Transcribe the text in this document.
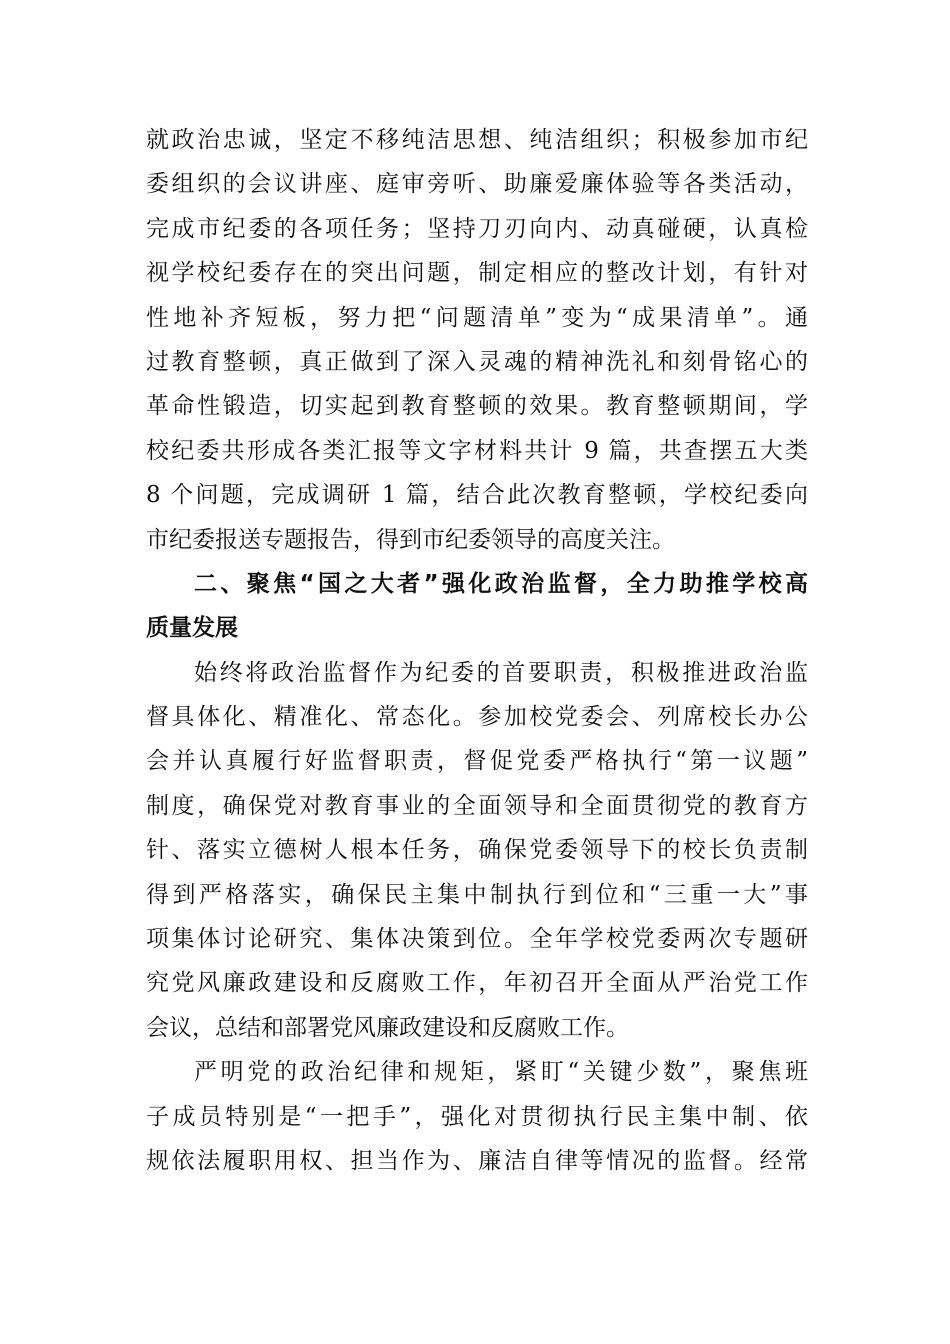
就政治忠诚，坚定不移纯洁思想、纯洁组织；积极参加市纪
委组织的会议讲座、庭审旁听、助廉爱廉体验等各类活动，
完成市纪委的各项任务；坚持刀刃向内、动真碰硬，认真检
视学校纪委存在的突出问题，制定相应的整改计划，有针对
性地补齐短板，努力把“问题清单”变为“成果清单”。通
过教育整顿，真正做到了深入灵魂的精神洗礼和刻骨铭心的
革命性锻造，切实起到教育整顿的效果。教育整顿期间，学
校纪委共形成各类汇报等文字材料共计 9 篇，共查摆五大类
8 个问题，完成调研 1 篇，结合此次教育整顿，学校纪委向
市纪委报送专题报告，得到市纪委领导的高度关注。
二、聚焦“国之大者”强化政治监督，全力助推学校高
质量发展
始终将政治监督作为纪委的首要职责，积极推进政治监
督具体化、精准化、常态化。参加校党委会、列席校长办公
会并认真履行好监督职责，督促党委严格执行“第一议题”
制度，确保党对教育事业的全面领导和全面贯彻党的教育方
针、落实立德树人根本任务，确保党委领导下的校长负责制
得到严格落实，确保民主集中制执行到位和“三重一大”事
项集体讨论研究、集体决策到位。全年学校党委两次专题研
究党风廉政建设和反腐败工作，年初召开全面从严治党工作
会议，总结和部署党风廉政建设和反腐败工作。
严明党的政治纪律和规矩，紧盯“关键少数”，聚焦班
子成员特别是“一把手”，强化对贯彻执行民主集中制、依
规依法履职用权、担当作为、廉洁自律等情况的监督。经常
